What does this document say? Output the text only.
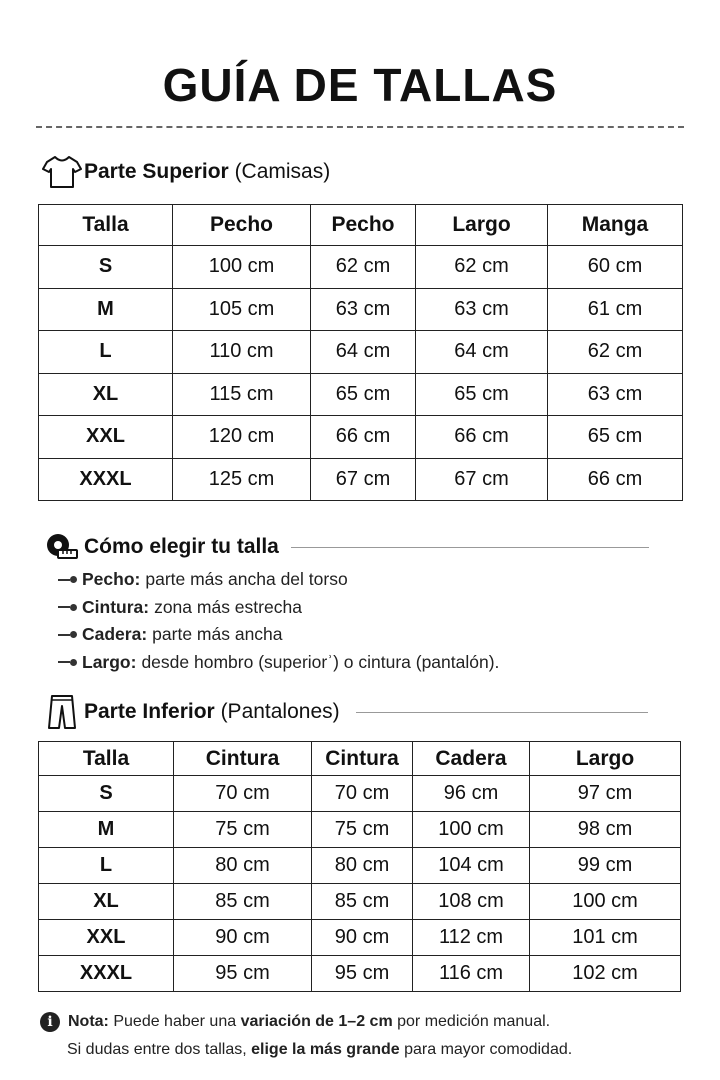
GUÍA DE TALLAS
Parte Superior (Camisas)
Talla	Pecho	Pecho	Largo	Manga
S	100 cm	62 cm	62 cm	60 cm
M	105 cm	63 cm	63 cm	61 cm
L	110 cm	64 cm	64 cm	62 cm
XL	115 cm	65 cm	65 cm	63 cm
XXL	120 cm	66 cm	66 cm	65 cm
XXXL	125 cm	67 cm	67 cm	66 cm
Cómo elegir tu talla
Pecho: parte más ancha del torso
Cintura: zona más estrecha
Cadera: parte más ancha
Largo: desde hombro (superiorʾ) o cintura (pantalón).
Parte Inferior (Pantalones)
Talla	Cintura	Cintura	Cadera	Largo
S	70 cm	70 cm	96 cm	97 cm
M	75 cm	75 cm	100 cm	98 cm
L	80 cm	80 cm	104 cm	99 cm
XL	85 cm	85 cm	108 cm	100 cm
XXL	90 cm	90 cm	112 cm	101 cm
XXXL	95 cm	95 cm	116 cm	102 cm
i Nota:
Puede haber una
variación de 1–2 cm
por medición manual.
Si dudas entre dos tallas,
elige la más grande
para mayor comodidad.
